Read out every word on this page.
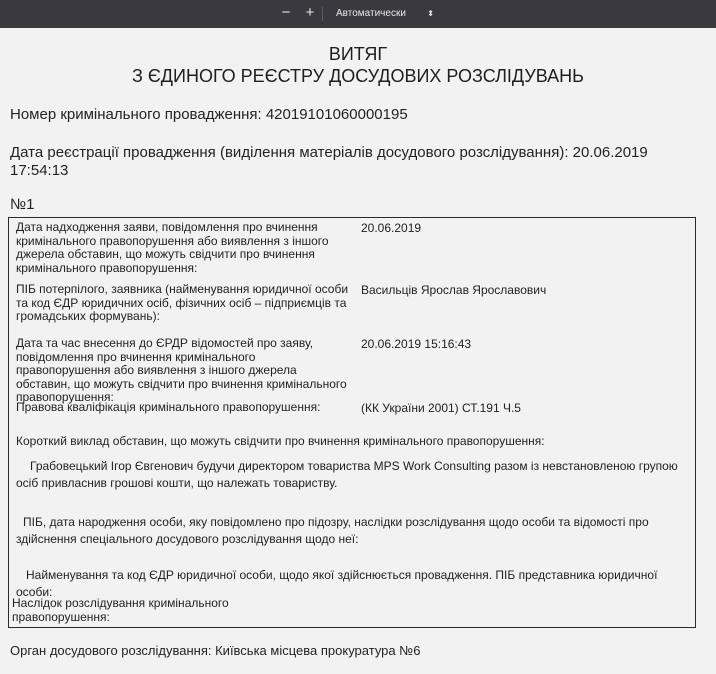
− +	Автоматически	⬍
ВИТЯГ
З ЄДИНОГО РЕЄСТРУ ДОСУДОВИХ РОЗСЛІДУВАНЬ
Номер кримінального провадження: 42019101060000195
Дата реєстрації провадження (виділення матеріалів досудового розслідування): 20.06.2019 17:54:13
№1
Дата надходження заяви, повідомлення про вчинення кримінального правопорушення або виявлення з іншого джерела обставин, що можуть свідчити про вчинення кримінального правопорушення:
20.06.2019
ПІБ потерпілого, заявника (найменування юридичної особи та код ЄДР юридичних осіб, фізичних осіб – підприємців та громадських формувань):
Васильців Ярослав Ярославович
Дата та час внесення до ЄРДР відомостей про заяву, повідомлення про вчинення кримінального правопорушення або виявлення з іншого джерела обставин, що можуть свідчити про вчинення кримінального правопорушення:
20.06.2019 15:16:43
Правова кваліфікація кримінального правопорушення:	(КК України 2001) СТ.191 Ч.5
Короткий виклад обставин, що можуть свідчити про вчинення кримінального правопорушення:
Грабовецький Ігор Євгенович будучи директором товариства MPS Work Consulting разом із невстановленою групою осіб привласнив грошові кошти, що належать товариству.
ПІБ, дата народження особи, яку повідомлено про підозру, наслідки розслідування щодо особи та відомості про здійснення спеціального досудового розслідування щодо неї:
Найменування та код ЄДР юридичної особи, щодо якої здійснюється провадження. ПІБ представника юридичної особи:
Наслідок розслідування кримінального правопорушення:
Орган досудового розслідування: Київська місцева прокуратура №6
